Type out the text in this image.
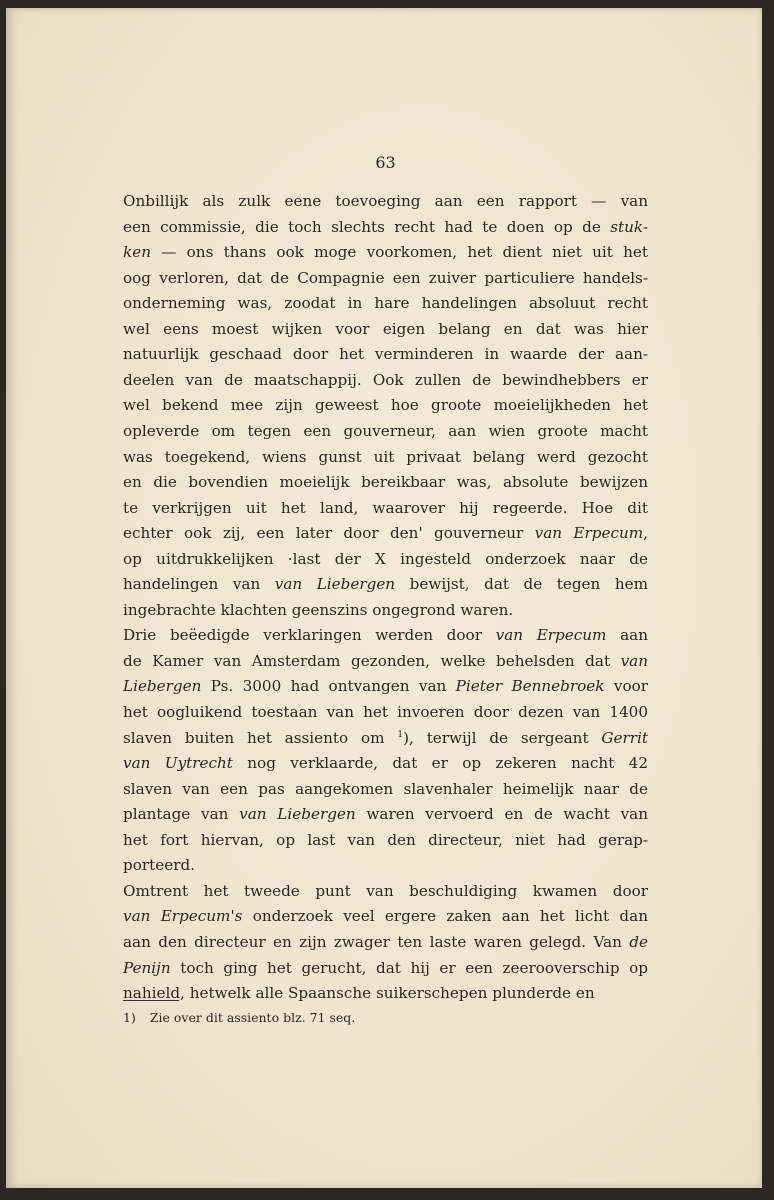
63
Onbillijk als zulk eene toevoeging aan een rapport — van
een commissie, die toch slechts recht had te doen op de stuk-
ken — ons thans ook moge voorkomen, het dient niet uit het
oog verloren, dat de Compagnie een zuiver particuliere handels-
onderneming was, zoodat in hare handelingen absoluut recht
wel eens moest wijken voor eigen belang en dat was hier
natuurlijk geschaad door het verminderen in waarde der aan-
deelen van de maatschappij. Ook zullen de bewindhebbers er
wel bekend mee zijn geweest hoe groote moeielijkheden het
opleverde om tegen een gouverneur, aan wien groote macht
was toegekend, wiens gunst uit privaat belang werd gezocht
en die bovendien moeielijk bereikbaar was, absolute bewijzen
te verkrijgen uit het land, waarover hij regeerde. Hoe dit
echter ook zij, een later door den' gouverneur van Erpecum,
op uitdrukkelijken ·last der X ingesteld onderzoek naar de
handelingen van van Liebergen bewijst, dat de tegen hem
ingebrachte klachten geenszins ongegrond waren.
Drie beëedigde verklaringen werden door van Erpecum aan
de Kamer van Amsterdam gezonden, welke behelsden dat van
Liebergen Ps. 3000 had ontvangen van Pieter Bennebroek voor
het oogluikend toestaan van het invoeren door dezen van 1400
slaven buiten het assiento om $^1$), terwijl de sergeant Gerrit
van Uytrecht nog verklaarde, dat er op zekeren nacht 42
slaven van een pas aangekomen slavenhaler heimelijk naar de
plantage van van Liebergen waren vervoerd en de wacht van
het fort hiervan, op last van den directeur, niet had gerap-
porteerd.
Omtrent het tweede punt van beschuldiging kwamen door
van Erpecum's onderzoek veel ergere zaken aan het licht dan
aan den directeur en zijn zwager ten laste waren gelegd. Van de
Penijn toch ging het gerucht, dat hij er een zeerooverschip op
nahield, hetwelk alle Spaansche suikerschepen plunderde en
1) Zie over dit assiento blz. 71 seq.
